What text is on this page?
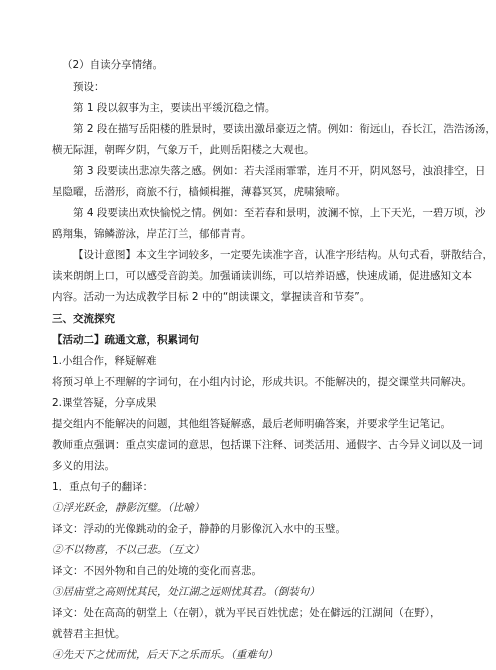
（2）自读分享情绪。
预设：
第 1 段以叙事为主，要读出平缓沉稳之情。
第 2 段在描写岳阳楼的胜景时，要读出激昂豪迈之情。例如：衔远山，吞长江，浩浩汤汤，
横无际涯，朝晖夕阴，气象万千，此则岳阳楼之大观也。
第 3 段要读出悲凉失落之感。例如：若夫淫雨霏霏，连月不开，阴风怒号，浊浪排空，日
星隐曜，岳潜形，商旅不行，樯倾楫摧，薄暮冥冥，虎啸猿啼。
第 4 段要读出欢快愉悦之情。例如：至若春和景明，波澜不惊，上下天光，一碧万顷，沙
鸥翔集，锦鳞游泳，岸芷汀兰，郁郁青青。
【设计意图】本文生字词较多，一定要先读准字音，认准字形结构。从句式看，骈散结合，
读来朗朗上口，可以感受音韵美。加强诵读训练，可以培养语感，快速成诵，促进感知文本
内容。活动一为达成教学目标 2 中的“朗读课文，掌握读音和节奏”。
三、交流探究
【活动二】疏通文意，积累词句
1.小组合作，释疑解难
将预习单上不理解的字词句，在小组内讨论，形成共识。不能解决的，提交课堂共同解决。
2.课堂答疑，分享成果
提交组内不能解决的问题，其他组答疑解惑，最后老师明确答案，并要求学生记笔记。
教师重点强调：重点实虚词的意思，包括课下注释、词类活用、通假字、古今异义词以及一词
多义的用法。
1．重点句子的翻译：
①浮光跃金，静影沉璧。（比喻）
译文：浮动的光像跳动的金子，静静的月影像沉入水中的玉璧。
②不以物喜，不以己悲。（互文）
译文：不因外物和自己的处境的变化而喜悲。
③居庙堂之高则忧其民，处江湖之远则忧其君。（倒装句）
译文：处在高高的朝堂上（在朝），就为平民百姓忧虑；处在僻远的江湖间（在野），
就替君主担忧。
④先天下之忧而忧，后天下之乐而乐。（重难句）
